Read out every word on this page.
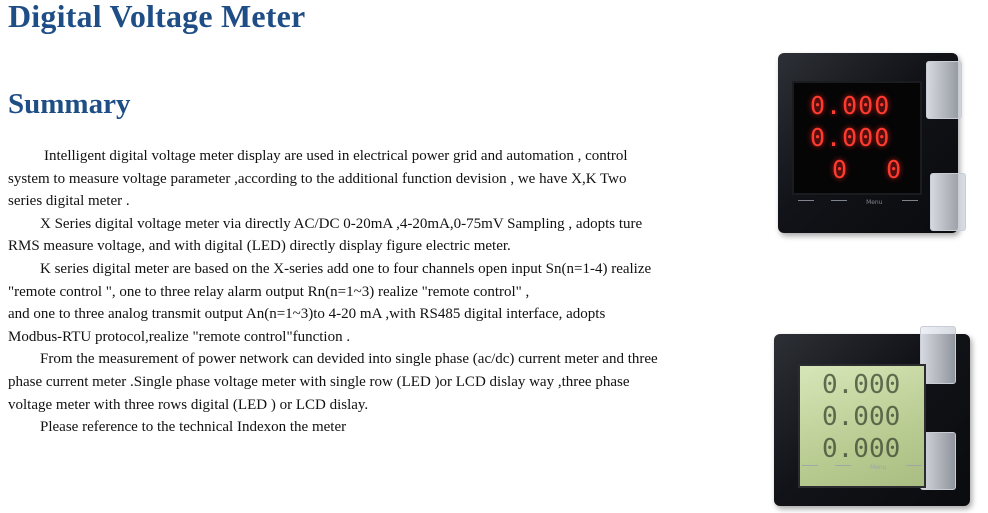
Digital Voltage Meter
Summary
Intelligent digital voltage meter display are used in electrical power grid and automation , control
system to measure voltage parameter ,according to the additional function devision , we have X,K Two
series digital meter .
X Series digital voltage meter via directly AC/DC 0-20mA ,4-20mA,0-75mV Sampling , adopts ture
RMS measure voltage, and with digital (LED) directly display figure electric meter.
K series digital meter are based on the X-series add one to four channels open input Sn(n=1-4) realize
"remote control ", one to three relay alarm output Rn(n=1~3) realize "remote control" ,
and one to three analog transmit output An(n=1~3)to 4-20 mA ,with RS485 digital interface, adopts
Modbus-RTU protocol,realize "remote control"function .
From the measurement of power network can devided into single phase (ac/dc) current meter and three
phase current meter .Single phase voltage meter with single row (LED )or LCD dislay way ,three phase
voltage meter with three rows digital (LED ) or LCD dislay.
Please reference to the technical Indexon the meter
0.000
0.000
0 0
Menu
0.000
0.000
0.000
Menu
